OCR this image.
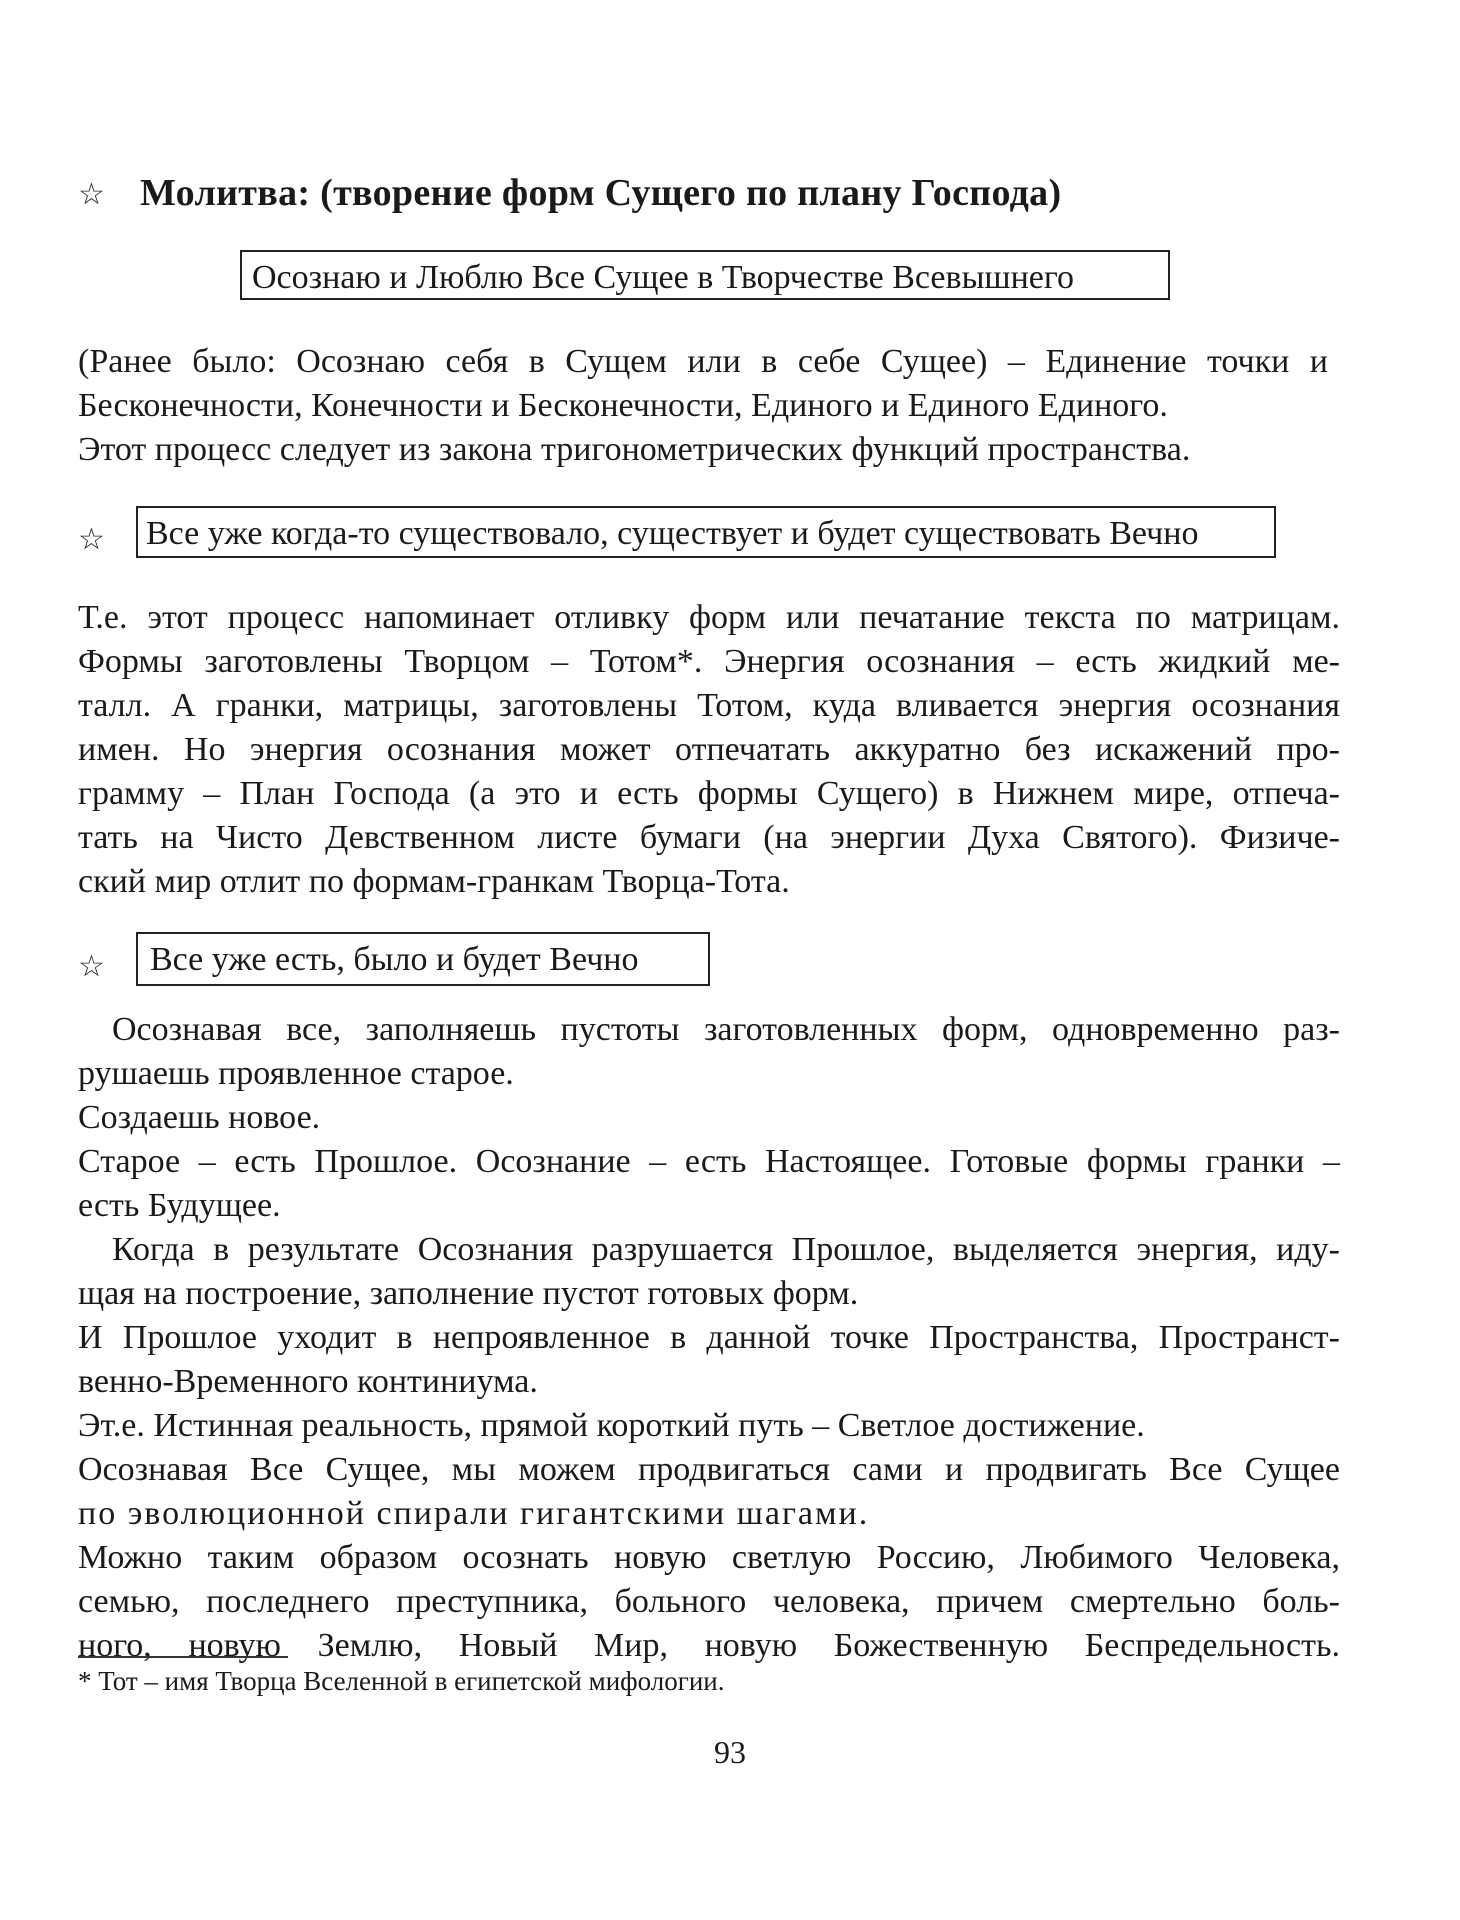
☆ Молитва: (творение форм Сущего по плану Господа)
Осознаю и Люблю Все Сущее в Творчестве Всевышнего
(Ранее было: Осознаю себя в Сущем или в себе Сущее) – Единение точки и
Бесконечности, Конечности и Бесконечности, Единого и Единого Единого.
Этот процесс следует из закона тригонометрических функций пространства.
☆ Все уже когда-то существовало, существует и будет существовать Вечно
Т.е. этот процесс напоминает отливку форм или печатание текста по матрицам.
Формы заготовлены Творцом – Тотом*. Энергия осознания – есть жидкий ме-
талл. А гранки, матрицы, заготовлены Тотом, куда вливается энергия осознания
имен. Но энергия осознания может отпечатать аккуратно без искажений про-
грамму – План Господа (а это и есть формы Сущего) в Нижнем мире, отпеча-
тать на Чисто Девственном листе бумаги (на энергии Духа Святого). Физиче-
ский мир отлит по формам-гранкам Творца-Тота.
☆	Все уже есть, было и будет Вечно
Осознавая все, заполняешь пустоты заготовленных форм, одновременно раз-
рушаешь проявленное старое.
Создаешь новое.
Старое – есть Прошлое. Осознание – есть Настоящее. Готовые формы гранки –
есть Будущее.
Когда в результате Осознания разрушается Прошлое, выделяется энергия, иду-
щая на построение, заполнение пустот готовых форм.
И Прошлое уходит в непроявленное в данной точке Пространства, Пространст-
венно-Временного континиума.
Эт.е. Истинная реальность, прямой короткий путь – Светлое достижение.
Осознавая Все Сущее, мы можем продвигаться сами и продвигать Все Сущее
по эволюционной спирали гигантскими шагами.
Можно таким образом осознать новую светлую Россию, Любимого Человека,
семью, последнего преступника, больного человека, причем смертельно боль-
ного, новую Землю, Новый Мир, новую Божественную Беспредельность.
* Тот – имя Творца Вселенной в египетской мифологии.
93
